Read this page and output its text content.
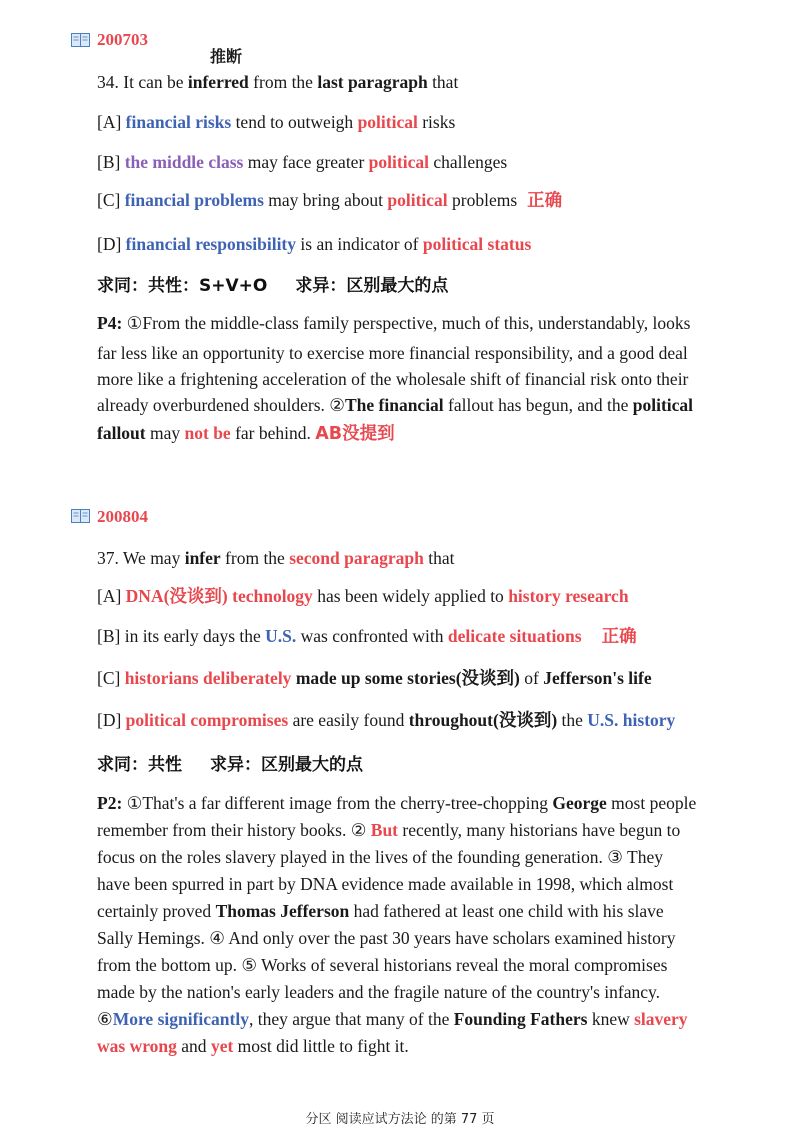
200703
推断
34. It can be inferred from the last paragraph that
[A] financial risks tend to outweigh political risks
[B] the middle class may face greater political challenges
[C] financial problems may bring about political problems 正确
[D] financial responsibility is an indicator of political status
求同：共性：S+V+O 求异：区别最大的点
P4: ①From the middle-class family perspective, much of this, understandably, looks
far less like an opportunity to exercise more financial responsibility, and a good deal
more like a frightening acceleration of the wholesale shift of financial risk onto their
already overburdened shoulders. ②The financial fallout has begun, and the political
fallout may not be far behind. AB没提到
200804
37. We may infer from the second paragraph that
[A] DNA(没谈到) technology has been widely applied to history research
[B] in its early days the U.S. was confronted with delicate situations 正确
[C] historians deliberately made up some stories(没谈到) of Jefferson's life
[D] political compromises are easily found throughout(没谈到) the U.S. history
求同：共性 求异：区别最大的点
P2: ①That's a far different image from the cherry-tree-chopping George most people
remember from their history books. ② But recently, many historians have begun to
focus on the roles slavery played in the lives of the founding generation. ③ They
have been spurred in part by DNA evidence made available in 1998, which almost
certainly proved Thomas Jefferson had fathered at least one child with his slave
Sally Hemings. ④ And only over the past 30 years have scholars examined history
from the bottom up. ⑤ Works of several historians reveal the moral compromises
made by the nation's early leaders and the fragile nature of the country's infancy.
⑥More significantly, they argue that many of the Founding Fathers knew slavery
was wrong and yet most did little to fight it.
分区 阅读应试方法论 的第 77 页
